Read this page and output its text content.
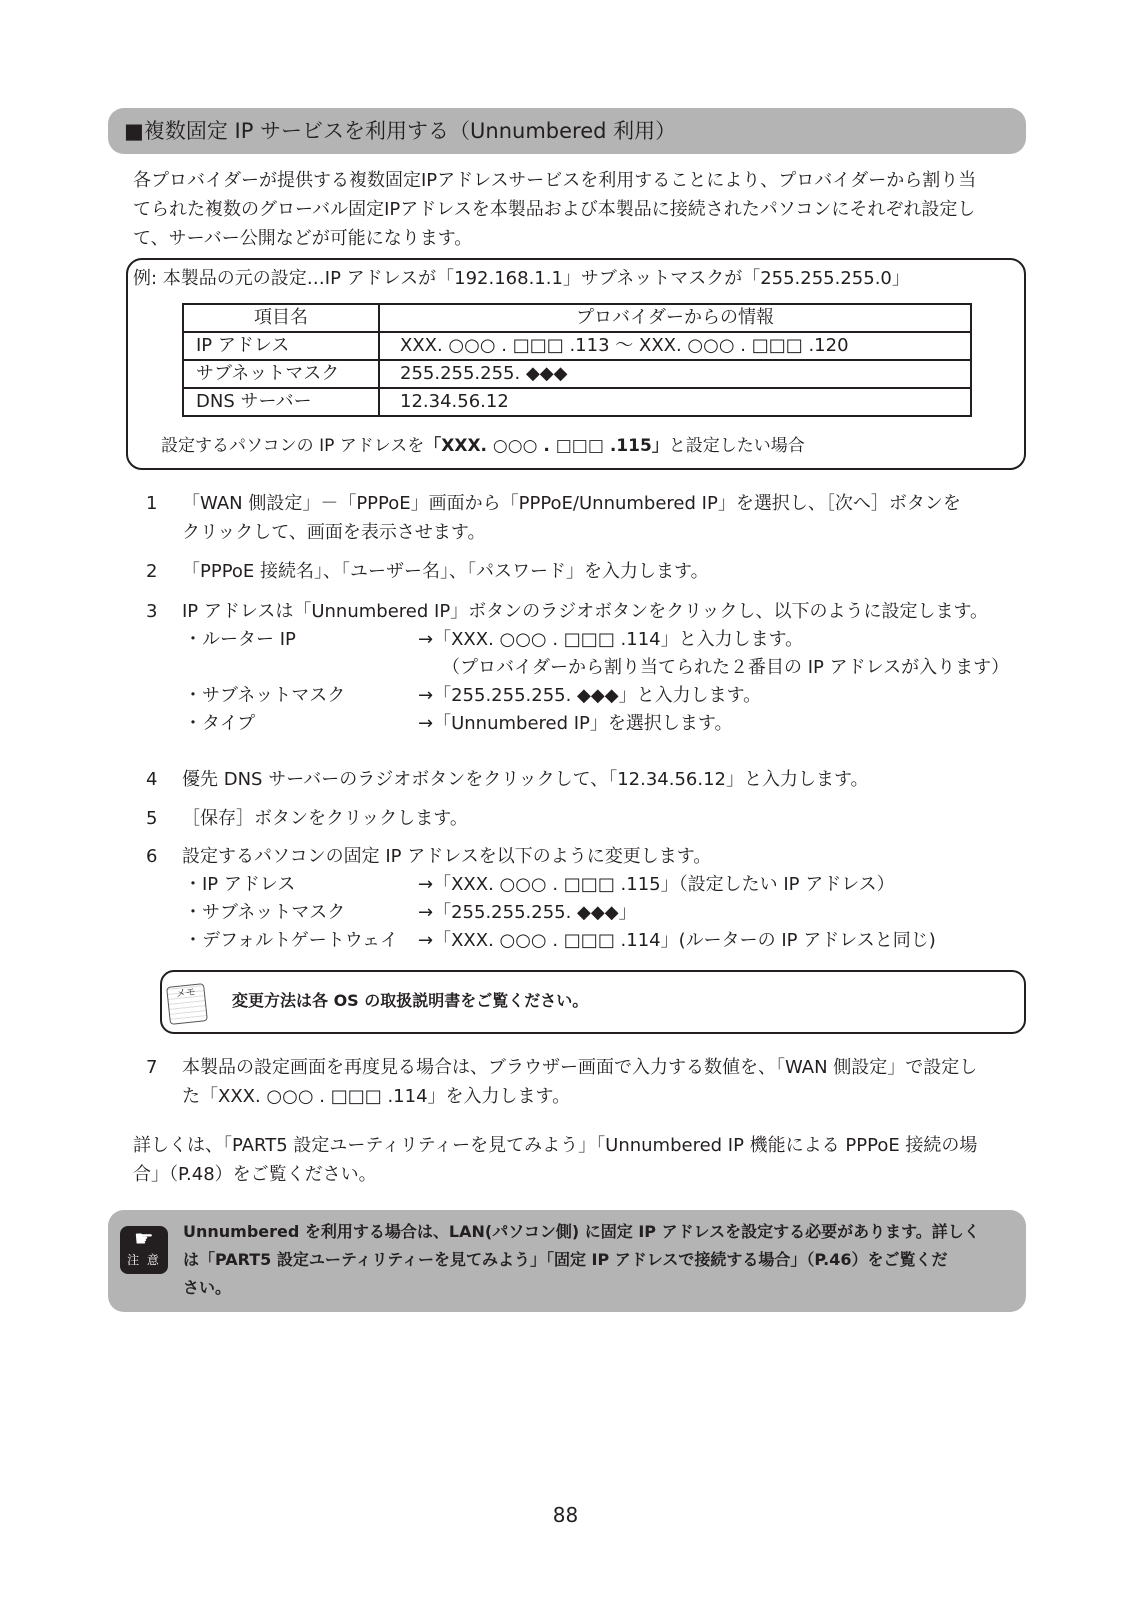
■複数固定 IP サービスを利用する（Unnumbered 利用）
各プロバイダーが提供する複数固定IPアドレスサービスを利用することにより、プロバイダーから割り当
てられた複数のグローバル固定IPアドレスを本製品および本製品に接続されたパソコンにそれぞれ設定し
て、サーバー公開などが可能になります。
例: 本製品の元の設定…IP アドレスが「192.168.1.1」サブネットマスクが「255.255.255.0」
項目名	プロバイダーからの情報
IP アドレス	XXX. ○○○ . □□□ .113 〜 XXX. ○○○ . □□□ .120
サブネットマスク	255.255.255. ◆◆◆
DNS サーバー	12.34.56.12
設定するパソコンの IP アドレスを「XXX. ○○○ . □□□ .115」と設定したい場合
1 「WAN 側設定」－「PPPoE」画面から「PPPoE/Unnumbered IP」を選択し、［次へ］ボタンを
クリックして、画面を表示させます。
2 「PPPoE 接続名」、「ユーザー名」、「パスワード」を入力します。
3 IP アドレスは「Unnumbered IP」ボタンのラジオボタンをクリックし、以下のように設定します。
・ルーター IP	→「XXX. ○○○ . □□□ .114」と入力します。
（プロバイダーから割り当てられた２番目の IP アドレスが入ります）
・サブネットマスク	→「255.255.255. ◆◆◆」と入力します。
・タイプ	→「Unnumbered IP」を選択します。
4 優先 DNS サーバーのラジオボタンをクリックして、「12.34.56.12」と入力します。
5 ［保存］ボタンをクリックします。
6 設定するパソコンの固定 IP アドレスを以下のように変更します。
・IP アドレス	→「XXX. ○○○ . □□□ .115」（設定したい IP アドレス）
・サブネットマスク	→「255.255.255. ◆◆◆」
・デフォルトゲートウェイ →「XXX. ○○○ . □□□ .114」(ルーターの IP アドレスと同じ)
メモ	変更方法は各 OS の取扱説明書をご覧ください。
7 本製品の設定画面を再度見る場合は、ブラウザー画面で入力する数値を、「WAN 側設定」で設定し
た「XXX. ○○○ . □□□ .114」を入力します。
詳しくは、「PART5 設定ユーティリティーを見てみよう」「Unnumbered IP 機能による PPPoE 接続の場
合」（P.48）をご覧ください。
☛
注 意
Unnumbered を利用する場合は、LAN(パソコン側) に固定 IP アドレスを設定する必要があります。詳しく
は「PART5 設定ユーティリティーを見てみよう」「固定 IP アドレスで接続する場合」（P.46）をご覧くだ
さい。
88
